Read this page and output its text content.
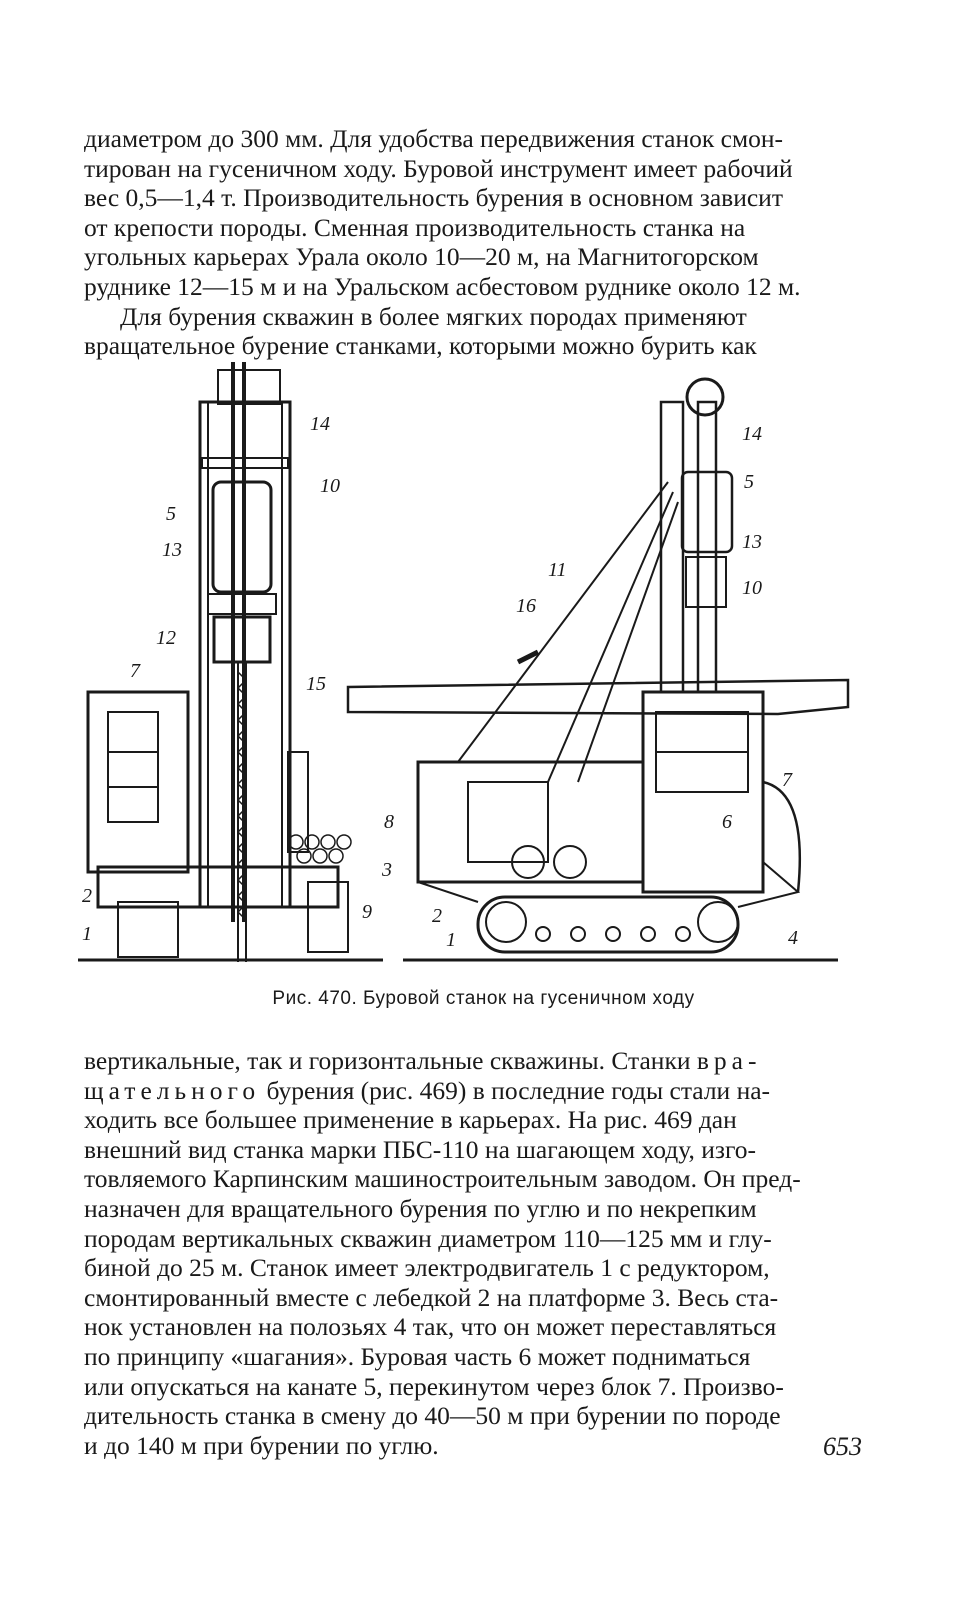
диаметром до 300 мм. Для удобства передвижения станок смон-

тирован на гусеничном ходу. Буровой инструмент имеет рабочий

вес 0,5—1,4 т. Производительность бурения в основном зависит

от крепости породы. Сменная производительность станка на

угольных карьерах Урала около 10—20 м, на Магнитогорском

руднике 12—15 м и на Уральском асбестовом руднике около 12 м.

Для бурения скважин в более мягких породах применяют

вращательное бурение станками, которыми можно бурить как

14
10
5
13
12
15
7
2
1
9
14
5
13
10
11
16
7
8	6
3
2
1	4
Рис. 470. Буровой станок на гусеничном ходу

вертикальные, так и горизонтальные скважины. Станки вра-

щательного бурения (рис. 469) в последние годы стали на-

ходить все большее применение в карьерах. На рис. 469 дан

внешний вид станка марки ПБС-110 на шагающем ходу, изго-

товляемого Карпинским машиностроительным заводом. Он пред-

назначен для вращательного бурения по углю и по некрепким

породам вертикальных скважин диаметром 110—125 мм и глу-

биной до 25 м. Станок имеет электродвигатель 1 с редуктором,

смонтированный вместе с лебедкой 2 на платформе 3. Весь ста-

нок установлен на полозьях 4 так, что он может переставляться

по принципу «шагания». Буровая часть 6 может подниматься

или опускаться на канате 5, перекинутом через блок 7. Произво-

дительность станка в смену до 40—50 м при бурении по породе

и до 140 м при бурении по углю.	653
